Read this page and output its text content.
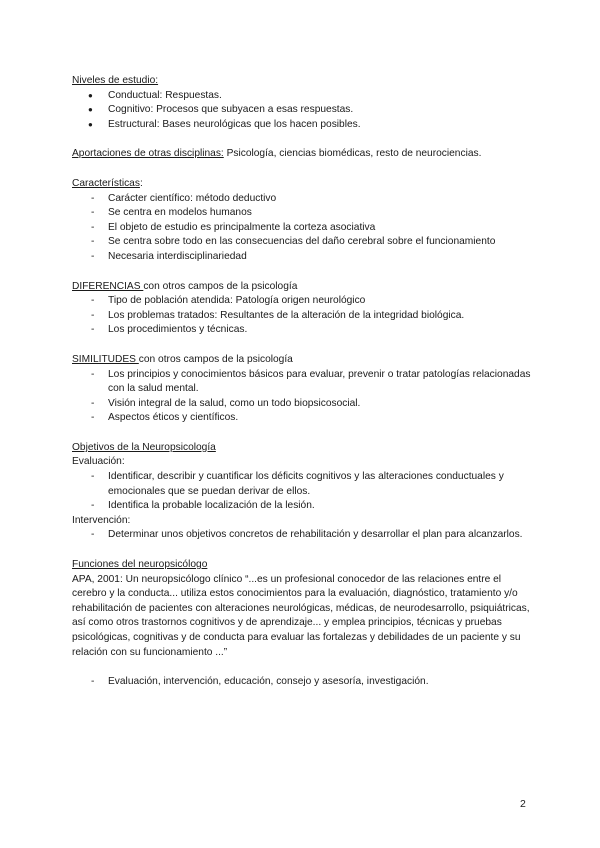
Niveles de estudio:

● Conductual: Respuestas.
● Cognitivo: Procesos que subyacen a esas respuestas.
● Estructural: Bases neurológicas que los hacen posibles.

Aportaciones de otras disciplinas: Psicología, ciencias biomédicas, resto de neurociencias.

Características:

- Carácter científico: método deductivo
- Se centra en modelos humanos
- El objeto de estudio es principalmente la corteza asociativa
- Se centra sobre todo en las consecuencias del daño cerebral sobre el funcionamiento
- Necesaria interdisciplinariedad

DIFERENCIAS con otros campos de la psicología

- Tipo de población atendida: Patología origen neurológico
- Los problemas tratados: Resultantes de la alteración de la integridad biológica.
- Los procedimientos y técnicas.

SIMILITUDES con otros campos de la psicología

- Los principios y conocimientos básicos para evaluar, prevenir o tratar patologías relacionadas con la salud mental.
- Visión integral de la salud, como un todo biopsicosocial.
- Aspectos éticos y científicos.

Objetivos de la Neuropsicología

Evaluación:

- Identificar, describir y cuantificar los déficits cognitivos y las alteraciones conductuales y emocionales que se puedan derivar de ellos.
- Identifica la probable localización de la lesión.

Intervención:

- Determinar unos objetivos concretos de rehabilitación y desarrollar el plan para alcanzarlos.

Funciones del neuropsicólogo

APA, 2001: Un neuropsicólogo clínico “...es un profesional conocedor de las relaciones entre el cerebro y la conducta... utiliza estos conocimientos para la evaluación, diagnóstico, tratamiento y/o rehabilitación de pacientes con alteraciones neurológicas, médicas, de neurodesarrollo, psiquiátricas, así como otros trastornos cognitivos y de aprendizaje... y emplea principios, técnicas y pruebas psicológicas, cognitivas y de conducta para evaluar las fortalezas y debilidades de un paciente y su relación con su funcionamiento ...”

- Evaluación, intervención, educación, consejo y asesoría, investigación.
2
